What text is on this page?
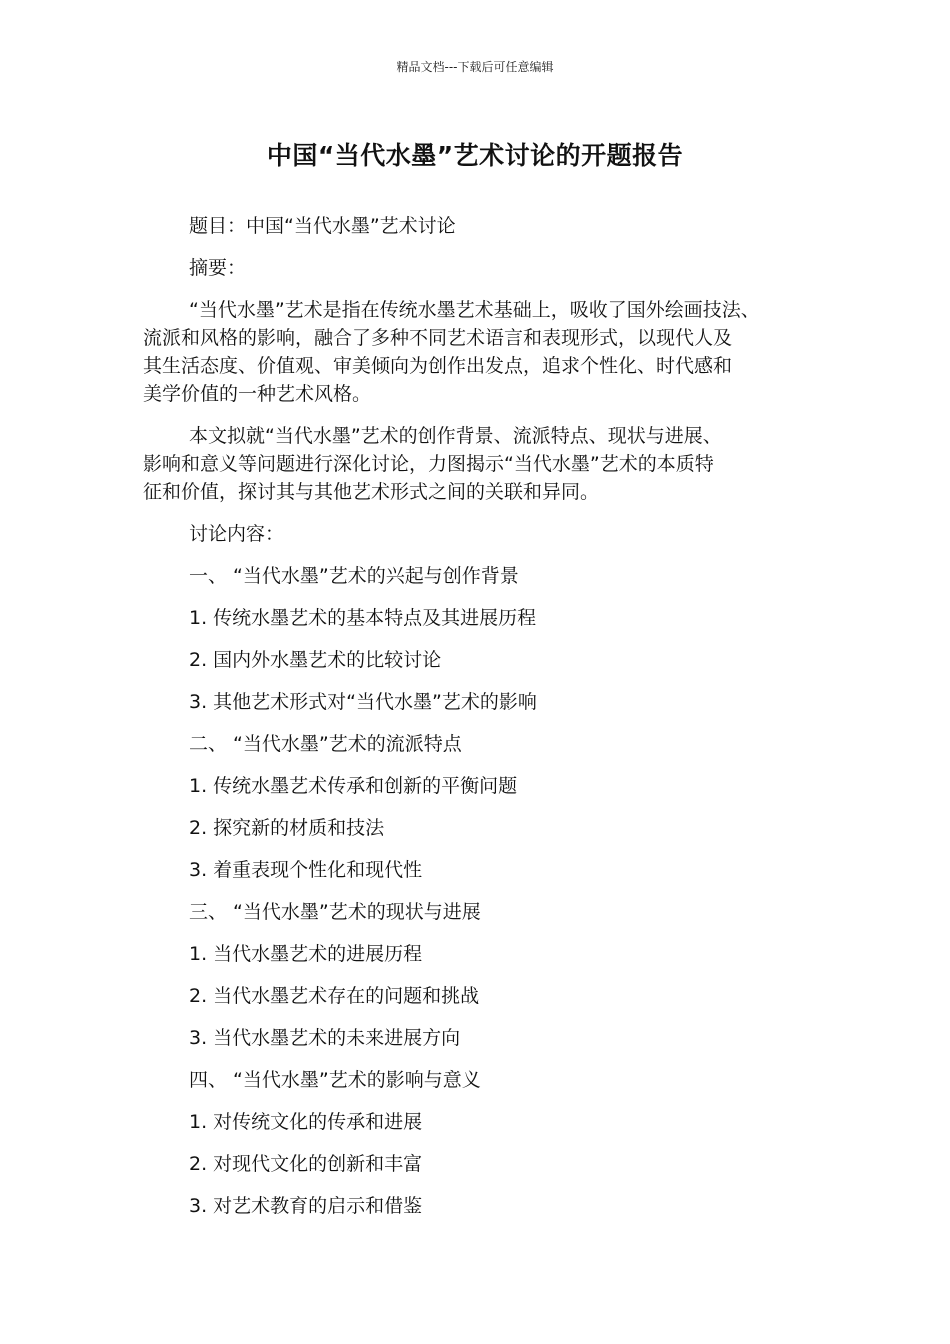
精品文档---下载后可任意编辑
中国“当代水墨”艺术讨论的开题报告

题目：中国“当代水墨”艺术讨论

摘要：

“当代水墨”艺术是指在传统水墨艺术基础上，吸收了国外绘画技法、
流派和风格的影响，融合了多种不同艺术语言和表现形式，以现代人及
其生活态度、价值观、审美倾向为创作出发点，追求个性化、时代感和
美学价值的一种艺术风格。

本文拟就“当代水墨”艺术的创作背景、流派特点、现状与进展、
影响和意义等问题进行深化讨论，力图揭示“当代水墨”艺术的本质特
征和价值，探讨其与其他艺术形式之间的关联和异同。

讨论内容：

一、 “当代水墨”艺术的兴起与创作背景

1. 传统水墨艺术的基本特点及其进展历程

2. 国内外水墨艺术的比较讨论

3. 其他艺术形式对“当代水墨”艺术的影响

二、 “当代水墨”艺术的流派特点

1. 传统水墨艺术传承和创新的平衡问题

2. 探究新的材质和技法

3. 着重表现个性化和现代性

三、 “当代水墨”艺术的现状与进展

1. 当代水墨艺术的进展历程

2. 当代水墨艺术存在的问题和挑战

3. 当代水墨艺术的未来进展方向

四、 “当代水墨”艺术的影响与意义

1. 对传统文化的传承和进展

2. 对现代文化的创新和丰富

3. 对艺术教育的启示和借鉴
